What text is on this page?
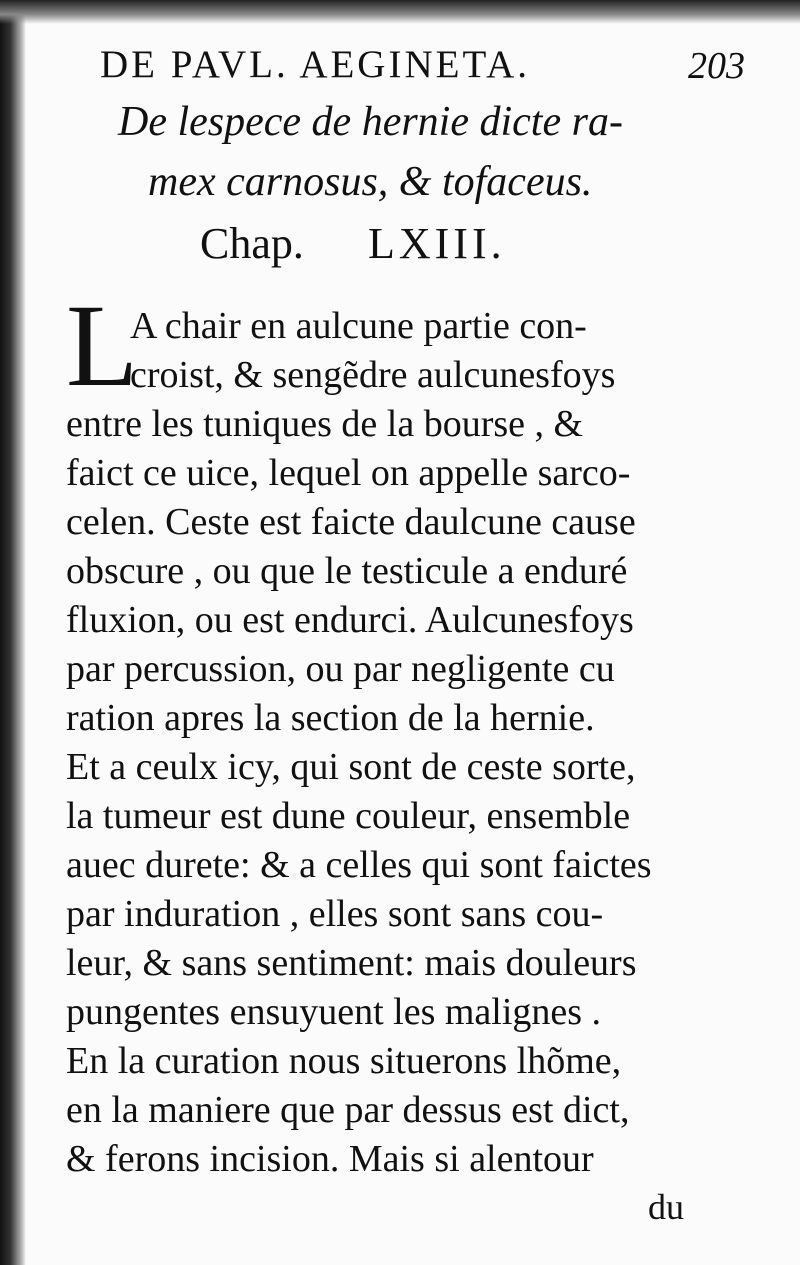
DE PAVL. AEGINETA.	203
De lespece de hernie dicte ra-
mex carnosus, & tofaceus.
Chap. LXIII.
L
A chair en aulcune partie con-
croist, & sengẽdre aulcunesfoys
entre les tuniques de la bourse , &
faict ce uice, lequel on appelle sarco-
celen. Ceste est faicte daulcune cause
obscure , ou que le testicule a enduré
fluxion, ou est endurci. Aulcunesfoys
par percussion, ou par negligente cu
ration apres la section de la hernie.
Et a ceulx icy, qui sont de ceste sorte,
la tumeur est dune couleur, ensemble
auec durete: & a celles qui sont faictes
par induration , elles sont sans cou-
leur, & sans sentiment: mais douleurs
pungentes ensuyuent les malignes .
En la curation nous situerons lhõme,
en la maniere que par dessus est dict,
& ferons incision. Mais si alentour
du
